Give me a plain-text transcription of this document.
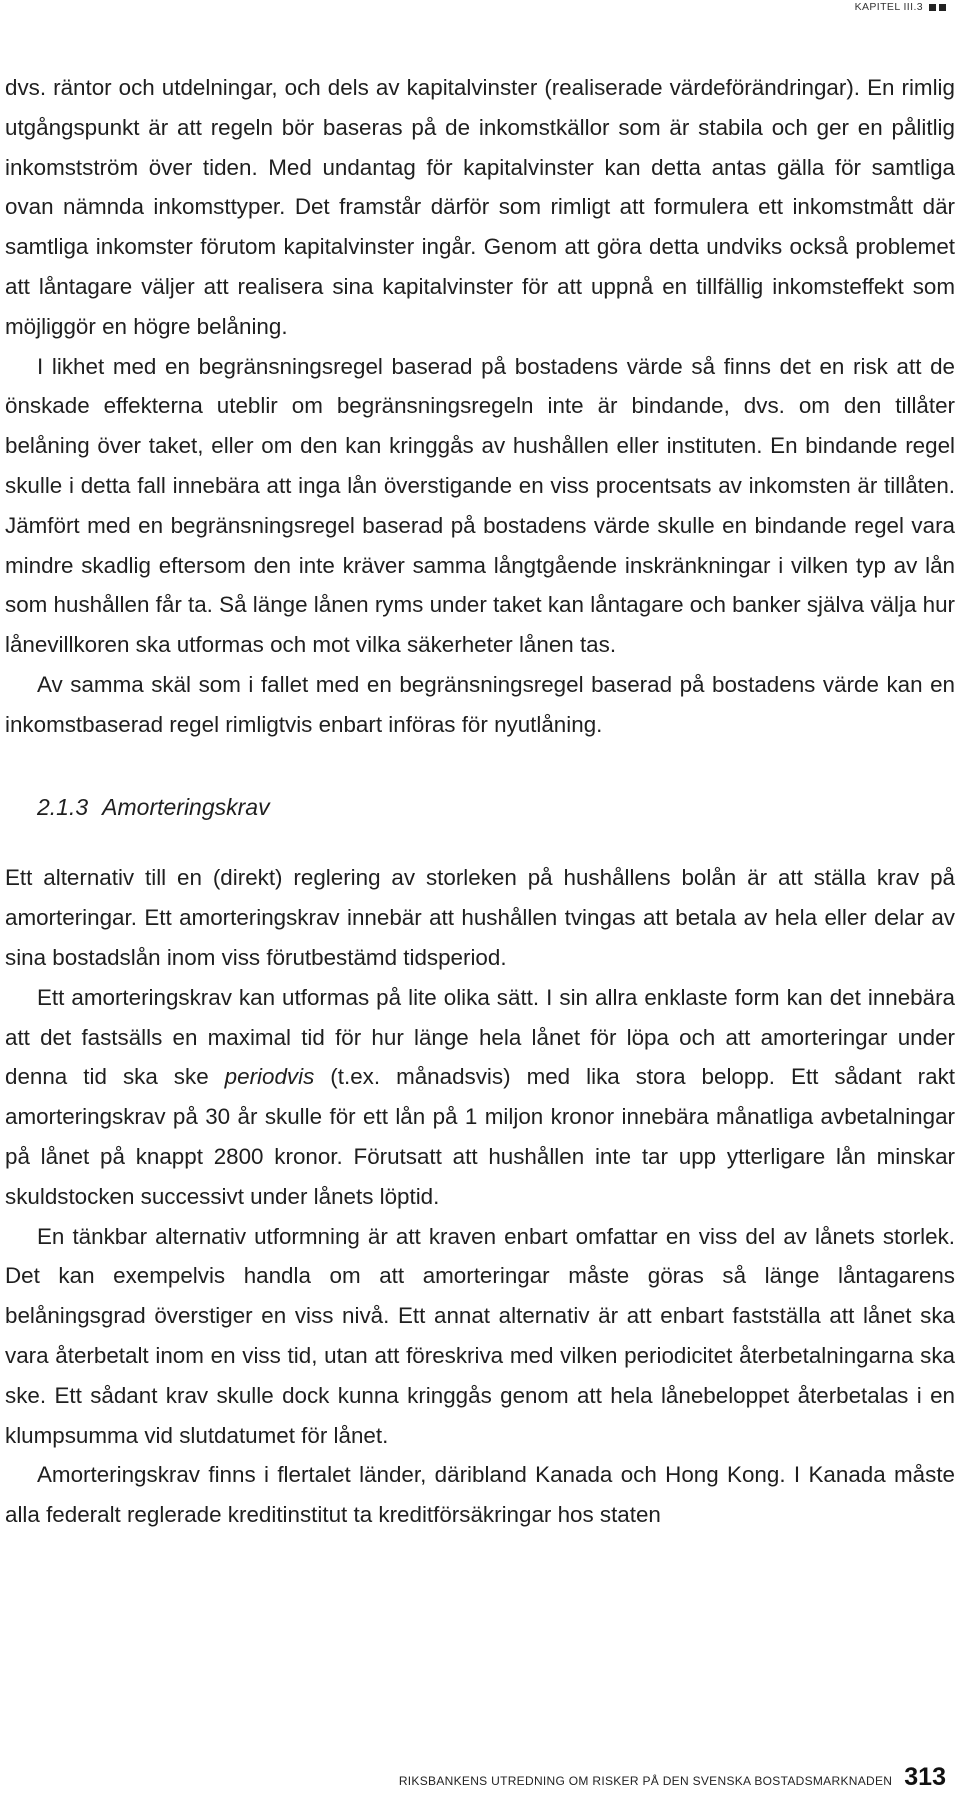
KAPITEL III.3

dvs. räntor och utdelningar, och dels av kapitalvinster (realiserade värdeförändringar). En rimlig utgångspunkt är att regeln bör baseras på de inkomstkällor som är stabila och ger en pålitlig inkomstström över tiden. Med undantag för kapitalvinster kan detta antas gälla för samtliga ovan nämnda inkomsttyper. Det framstår därför som rimligt att formulera ett inkomstmått där samtliga inkomster förutom kapitalvinster ingår. Genom att göra detta undviks också problemet att låntagare väljer att realisera sina kapitalvinster för att uppnå en tillfällig inkomsteffekt som möjliggör en högre belåning.

I likhet med en begränsningsregel baserad på bostadens värde så finns det en risk att de önskade effekterna uteblir om begränsningsregeln inte är bindande, dvs. om den tillåter belåning över taket, eller om den kan kringgås av hushållen eller instituten. En bindande regel skulle i detta fall innebära att inga lån överstigande en viss procentsats av inkomsten är tillåten. Jämfört med en begränsningsregel baserad på bostadens värde skulle en bindande regel vara mindre skadlig eftersom den inte kräver samma långtgående inskränkningar i vilken typ av lån som hushållen får ta. Så länge lånen ryms under taket kan låntagare och banker själva välja hur lånevillkoren ska utformas och mot vilka säkerheter lånen tas.

Av samma skäl som i fallet med en begränsningsregel baserad på bostadens värde kan en inkomstbaserad regel rimligtvis enbart införas för nyutlåning.

2.1.3 Amorteringskrav

Ett alternativ till en (direkt) reglering av storleken på hushållens bolån är att ställa krav på amorteringar. Ett amorteringskrav innebär att hushållen tvingas att betala av hela eller delar av sina bostadslån inom viss förutbestämd tidsperiod.

Ett amorteringskrav kan utformas på lite olika sätt. I sin allra enklaste form kan det innebära att det fastsälls en maximal tid för hur länge hela lånet för löpa och att amorteringar under denna tid ska ske periodvis (t.ex. månadsvis) med lika stora belopp. Ett sådant rakt amorteringskrav på 30 år skulle för ett lån på 1 miljon kronor innebära månatliga avbetalningar på lånet på knappt 2800 kronor. Förutsatt att hushållen inte tar upp ytterligare lån minskar skuldstocken successivt under lånets löptid.

En tänkbar alternativ utformning är att kraven enbart omfattar en viss del av lånets storlek. Det kan exempelvis handla om att amorteringar måste göras så länge låntagarens belåningsgrad överstiger en viss nivå. Ett annat alternativ är att enbart fastställa att lånet ska vara återbetalt inom en viss tid, utan att föreskriva med vilken periodicitet återbetalningarna ska ske. Ett sådant krav skulle dock kunna kringgås genom att hela lånebeloppet återbetalas i en klumpsumma vid slutdatumet för lånet.

Amorteringskrav finns i flertalet länder, däribland Kanada och Hong Kong. I Kanada måste alla federalt reglerade kreditinstitut ta kreditförsäkringar hos staten

RIKSBANKENS UTREDNING OM RISKER PÅ DEN SVENSKA BOSTADSMARKNADEN 313
